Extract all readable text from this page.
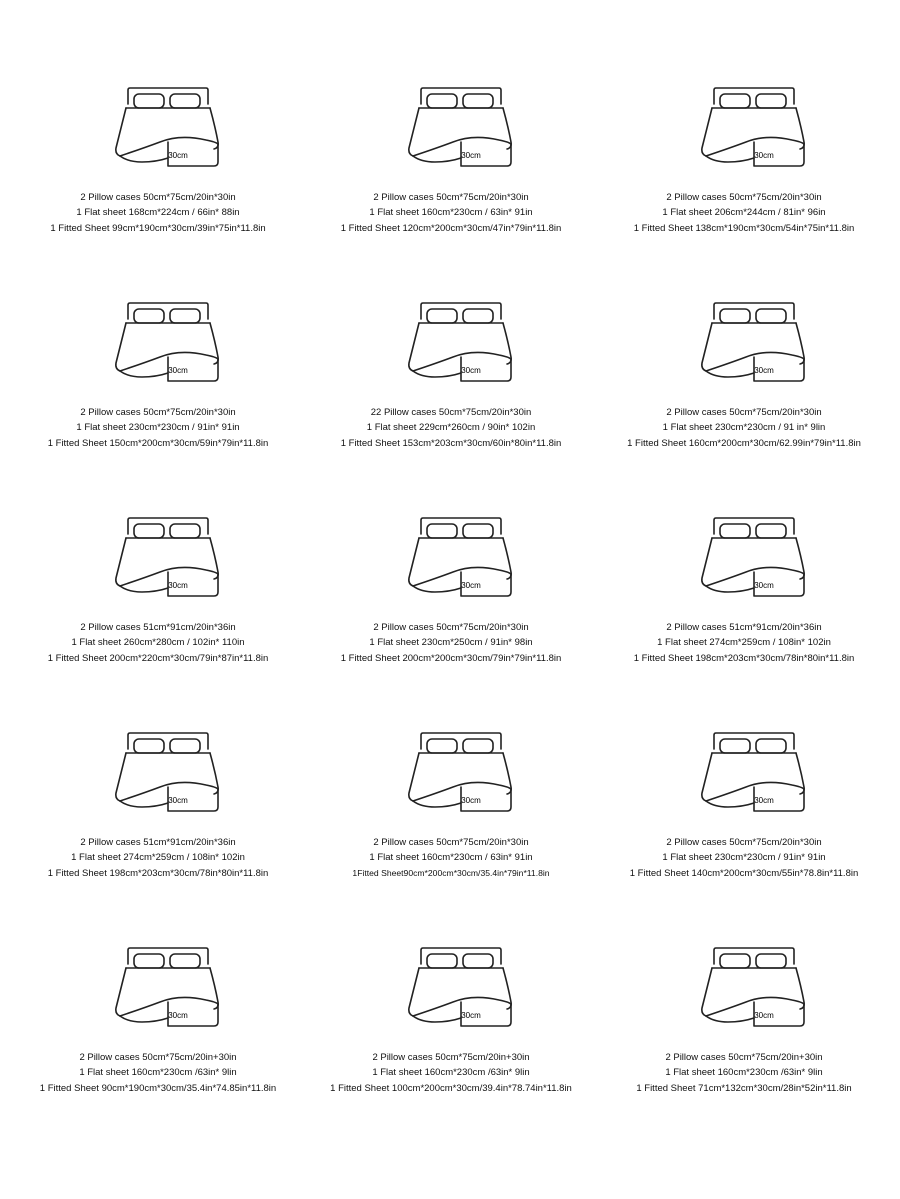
30cm
2 Pillow cases 50cm*75cm/20in*30in
1 Flat sheet 168cm*224cm / 66in* 88in
1 Fitted Sheet 99cm*190cm*30cm/39in*75in*11.8in
30cm
2 Pillow cases 50cm*75cm/20in*30in
1 Flat sheet 160cm*230cm / 63in* 91in
1 Fitted Sheet 120cm*200cm*30cm/47in*79in*11.8in
30cm
2 Pillow cases 50cm*75cm/20in*30in
1 Flat sheet 206cm*244cm / 81in* 96in
1 Fitted Sheet 138cm*190cm*30cm/54in*75in*11.8in
30cm
2 Pillow cases 50cm*75cm/20in*30in
1 Flat sheet 230cm*230cm / 91in* 91in
1 Fitted Sheet 150cm*200cm*30cm/59in*79in*11.8in
30cm
22 Pillow cases 50cm*75cm/20in*30in
1 Flat sheet 229cm*260cm / 90in* 102in
1 Fitted Sheet 153cm*203cm*30cm/60in*80in*11.8in
30cm
2 Pillow cases 50cm*75cm/20in*30in
1 Flat sheet 230cm*230cm / 91 in* 9lin
1 Fitted Sheet 160cm*200cm*30cm/62.99in*79in*11.8in
30cm
2 Pillow cases 51cm*91cm/20in*36in
1 Flat sheet 260cm*280cm / 102in* 110in
1 Fitted Sheet 200cm*220cm*30cm/79in*87in*11.8in
30cm
2 Pillow cases 50cm*75cm/20in*30in
1 Flat sheet 230cm*250cm / 91in* 98in
1 Fitted Sheet 200cm*200cm*30cm/79in*79in*11.8in
30cm
2 Pillow cases 51cm*91cm/20in*36in
1 Flat sheet 274cm*259cm / 108in* 102in
1 Fitted Sheet 198cm*203cm*30cm/78in*80in*11.8in
30cm
2 Pillow cases 51cm*91cm/20in*36in
1 Flat sheet 274cm*259cm / 108in* 102in
1 Fitted Sheet 198cm*203cm*30cm/78in*80in*11.8in
30cm
2 Pillow cases 50cm*75cm/20in*30in
1 Flat sheet 160cm*230cm / 63in* 91in
1Fitted Sheet90cm*200cm*30cm/35.4in*79in*11.8in
30cm
2 Pillow cases 50cm*75cm/20in*30in
1 Flat sheet 230cm*230cm / 91in* 91in
1 Fitted Sheet 140cm*200cm*30cm/55in*78.8in*11.8in
30cm
2 Pillow cases 50cm*75cm/20in+30in
1 Flat sheet 160cm*230cm /63in* 9lin
1 Fitted Sheet 90cm*190cm*30cm/35.4in*74.85in*11.8in
30cm
2 Pillow cases 50cm*75cm/20in+30in
1 Flat sheet 160cm*230cm /63in* 9lin
1 Fitted Sheet 100cm*200cm*30cm/39.4in*78.74in*11.8in
30cm
2 Pillow cases 50cm*75cm/20in+30in
1 Flat sheet 160cm*230cm /63in* 9lin
1 Fitted Sheet 71cm*132cm*30cm/28in*52in*11.8in
